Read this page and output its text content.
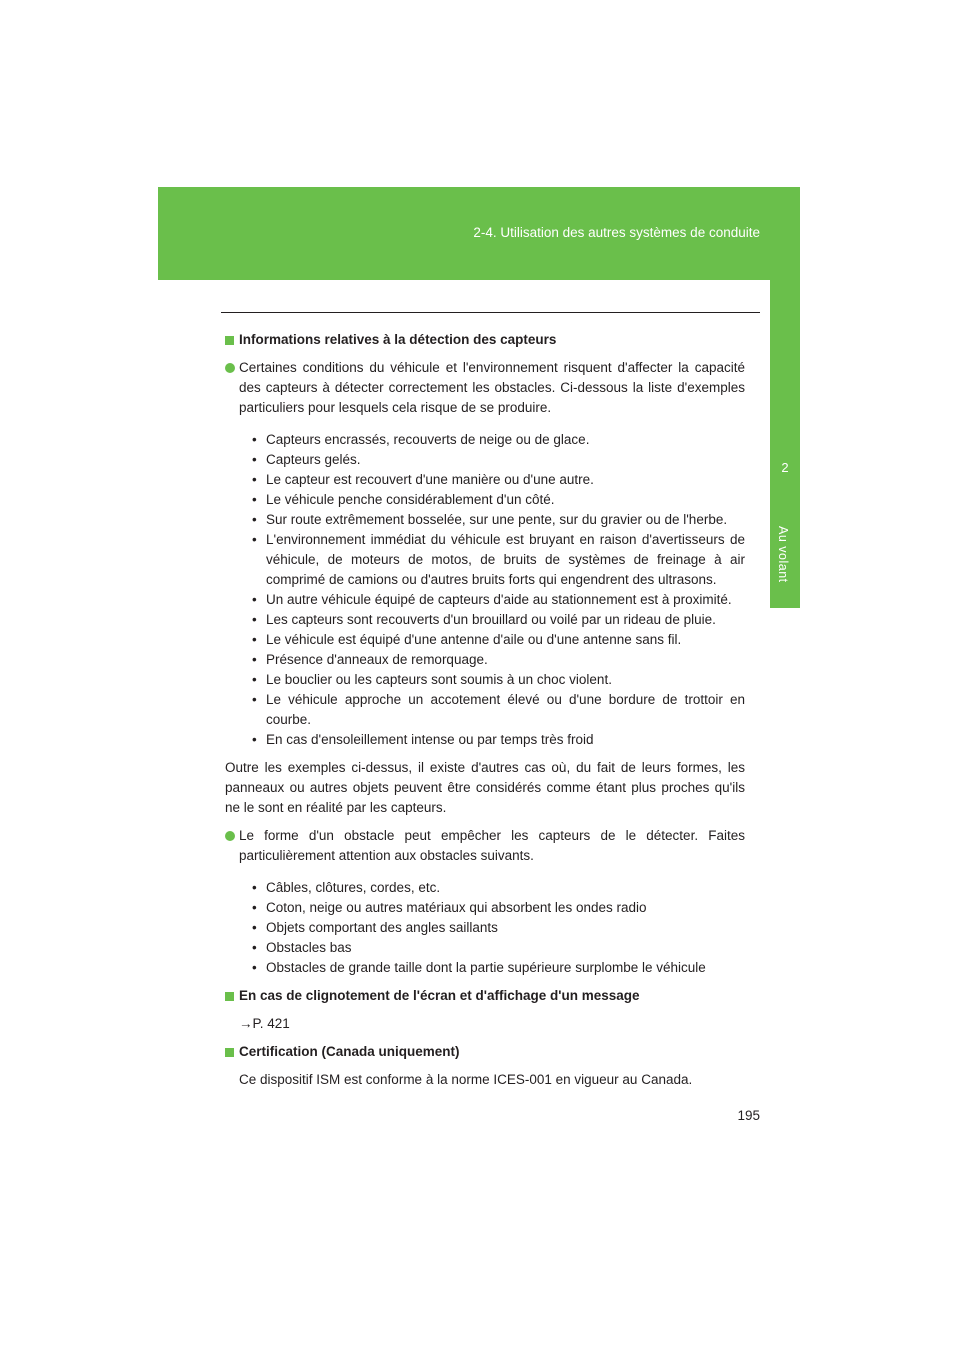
2-4. Utilisation des autres systèmes de conduite
2
Au volant
Informations relatives à la détection des capteurs
Certaines conditions du véhicule et l'environnement risquent d'affecter la capacité des capteurs à détecter correctement les obstacles. Ci-dessous la liste d'exemples particuliers pour lesquels cela risque de se produire.
• Capteurs encrassés, recouverts de neige ou de glace.
• Capteurs gelés.
• Le capteur est recouvert d'une manière ou d'une autre.
• Le véhicule penche considérablement d'un côté.
• Sur route extrêmement bosselée, sur une pente, sur du gravier ou de l'herbe.
• L'environnement immédiat du véhicule est bruyant en raison d'avertisseurs de véhicule, de moteurs de motos, de bruits de systèmes de freinage à air comprimé de camions ou d'autres bruits forts qui engendrent des ultrasons.
• Un autre véhicule équipé de capteurs d'aide au stationnement est à proximité.
• Les capteurs sont recouverts d'un brouillard ou voilé par un rideau de pluie.
• Le véhicule est équipé d'une antenne d'aile ou d'une antenne sans fil.
• Présence d'anneaux de remorquage.
• Le bouclier ou les capteurs sont soumis à un choc violent.
• Le véhicule approche un accotement élevé ou d'une bordure de trottoir en courbe.
• En cas d'ensoleillement intense ou par temps très froid

Outre les exemples ci-dessus, il existe d'autres cas où, du fait de leurs formes, les panneaux ou autres objets peuvent être considérés comme étant plus proches qu'ils ne le sont en réalité par les capteurs.

Le forme d'un obstacle peut empêcher les capteurs de le détecter. Faites particulièrement attention aux obstacles suivants.
• Câbles, clôtures, cordes, etc.
• Coton, neige ou autres matériaux qui absorbent les ondes radio
• Objets comportant des angles saillants
• Obstacles bas
• Obstacles de grande taille dont la partie supérieure surplombe le véhicule
En cas de clignotement de l'écran et d'affichage d'un message
→P. 421
Certification (Canada uniquement)
Ce dispositif ISM est conforme à la norme ICES-001 en vigueur au Canada.
195
